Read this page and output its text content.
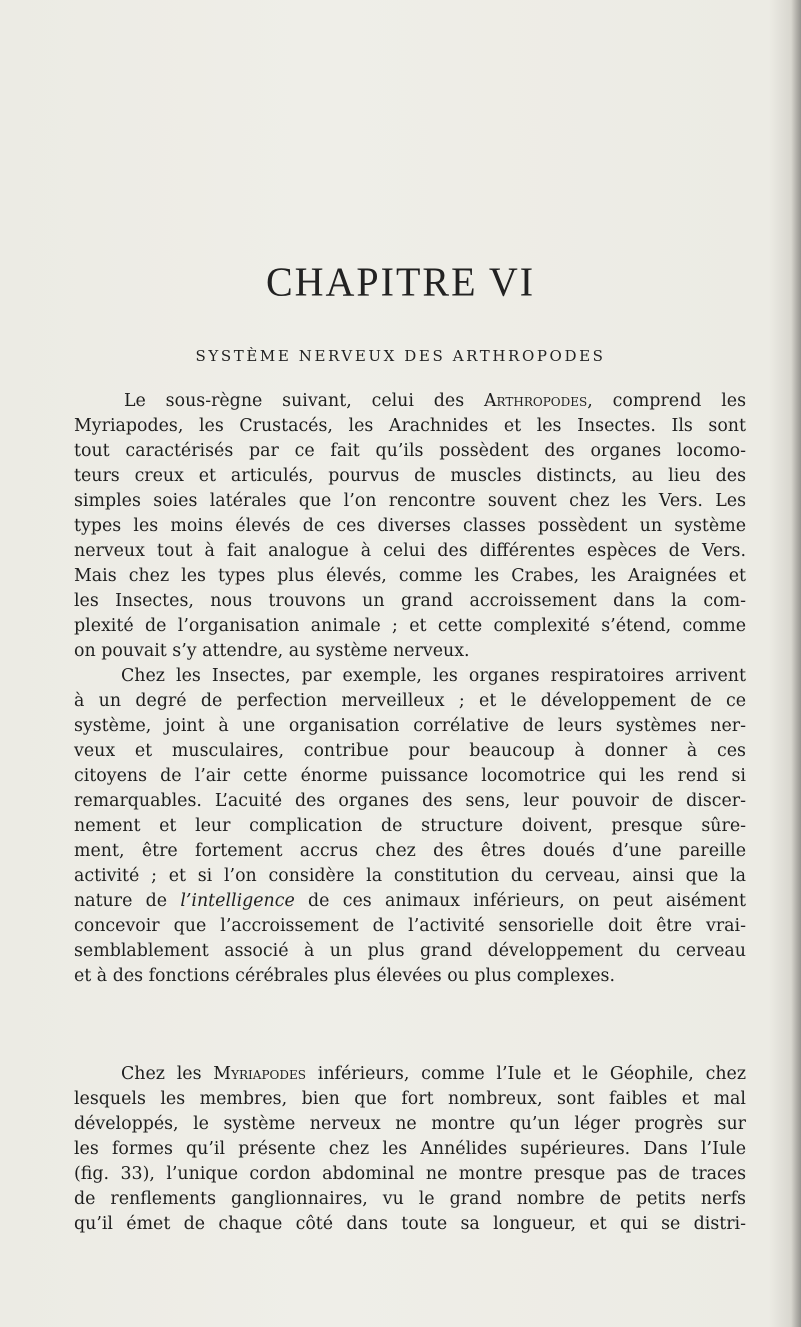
CHAPITRE VI
SYSTÈME NERVEUX DES ARTHROPODES
Le sous-règne suivant, celui des Arthropodes, comprend les
Myriapodes, les Crustacés, les Arachnides et les Insectes. Ils sont
tout caractérisés par ce fait qu’ils possèdent des organes locomo-
teurs creux et articulés, pourvus de muscles distincts, au lieu des
simples soies latérales que l’on rencontre souvent chez les Vers. Les
types les moins élevés de ces diverses classes possèdent un système
nerveux tout à fait analogue à celui des différentes espèces de Vers.
Mais chez les types plus élevés, comme les Crabes, les Araignées et
les Insectes, nous trouvons un grand accroissement dans la com-
plexité de l’organisation animale ; et cette complexité s’étend, comme
on pouvait s’y attendre, au système nerveux.
Chez les Insectes, par exemple, les organes respiratoires arrivent
à un degré de perfection merveilleux ; et le développement de ce
système, joint à une organisation corrélative de leurs systèmes ner-
veux et musculaires, contribue pour beaucoup à donner à ces
citoyens de l’air cette énorme puissance locomotrice qui les rend si
remarquables. L’acuité des organes des sens, leur pouvoir de discer-
nement et leur complication de structure doivent, presque sûre-
ment, être fortement accrus chez des êtres doués d’une pareille
activité ; et si l’on considère la constitution du cerveau, ainsi que la
nature de l’intelligence de ces animaux inférieurs, on peut aisément
concevoir que l’accroissement de l’activité sensorielle doit être vrai-
semblablement associé à un plus grand développement du cerveau
et à des fonctions cérébrales plus élevées ou plus complexes.
Chez les Myriapodes inférieurs, comme l’Iule et le Géophile, chez
lesquels les membres, bien que fort nombreux, sont faibles et mal
développés, le système nerveux ne montre qu’un léger progrès sur
les formes qu’il présente chez les Annélides supérieures. Dans l’Iule
(fig. 33), l’unique cordon abdominal ne montre presque pas de traces
de renflements ganglionnaires, vu le grand nombre de petits nerfs
qu’il émet de chaque côté dans toute sa longueur, et qui se distri-
